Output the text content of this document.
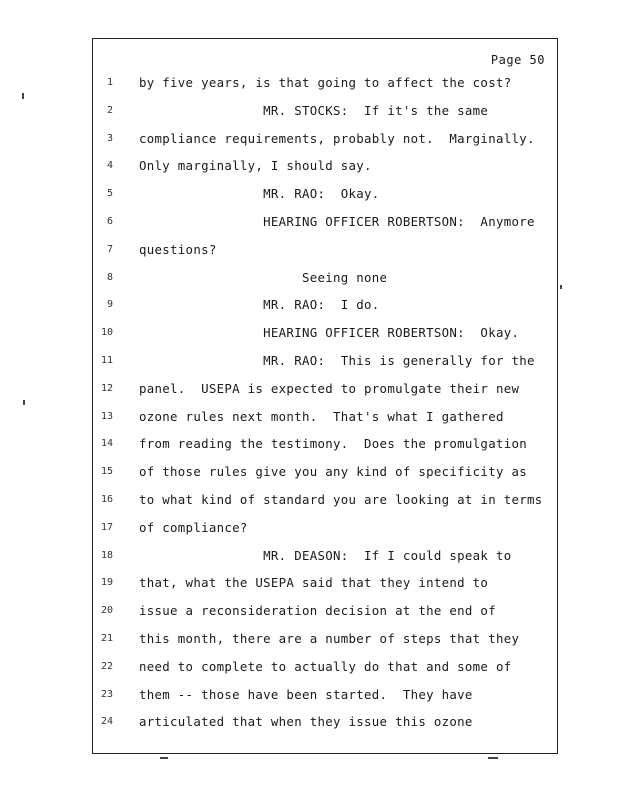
Page 50
1 by five years, is that going to affect the cost?
2 MR. STOCKS:  If it's the same
3 compliance requirements, probably not.  Marginally.
4 Only marginally, I should say.
5 MR. RAO:  Okay.
6 HEARING OFFICER ROBERTSON:  Anymore
7 questions?
8 Seeing none
9 MR. RAO:  I do.
10 HEARING OFFICER ROBERTSON:  Okay.
11 MR. RAO:  This is generally for the
12 panel.  USEPA is expected to promulgate their new
13 ozone rules next month.  That's what I gathered
14 from reading the testimony.  Does the promulgation
15 of those rules give you any kind of specificity as
16 to what kind of standard you are looking at in terms
17 of compliance?
18 MR. DEASON:  If I could speak to
19 that, what the USEPA said that they intend to
20 issue a reconsideration decision at the end of
21 this month, there are a number of steps that they
22 need to complete to actually do that and some of
23 them -- those have been started.  They have
24 articulated that when they issue this ozone
